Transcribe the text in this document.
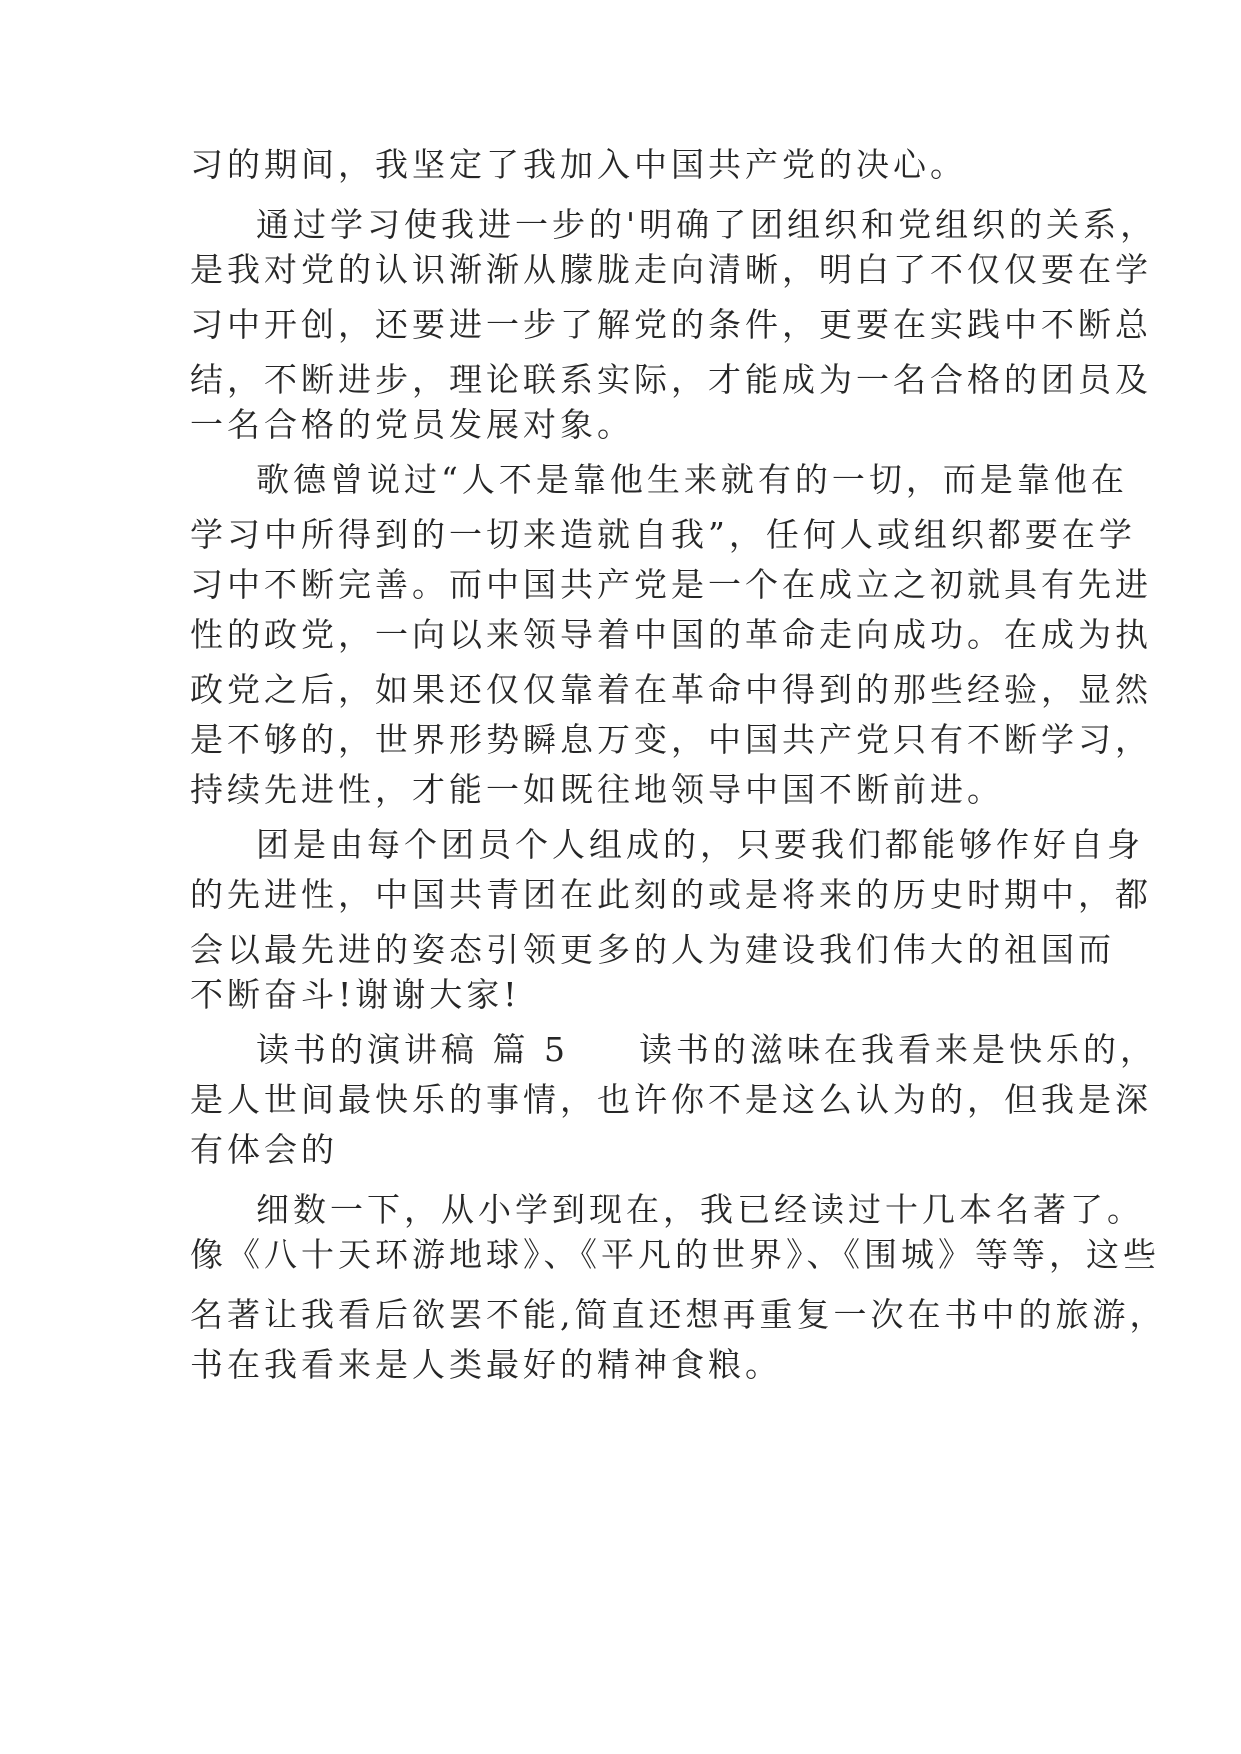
习的期间，我坚定了我加入中国共产党的决心。
通过学习使我进一步的'明确了团组织和党组织的关系，
是我对党的认识渐渐从朦胧走向清晰，明白了不仅仅要在学
习中开创，还要进一步了解党的条件，更要在实践中不断总
结，不断进步，理论联系实际，才能成为一名合格的团员及
一名合格的党员发展对象。
歌德曾说过“人不是靠他生来就有的一切，而是靠他在
学习中所得到的一切来造就自我”，任何人或组织都要在学
习中不断完善。而中国共产党是一个在成立之初就具有先进
性的政党，一向以来领导着中国的革命走向成功。在成为执
政党之后，如果还仅仅靠着在革命中得到的那些经验，显然
是不够的，世界形势瞬息万变，中国共产党只有不断学习，
持续先进性，才能一如既往地领导中国不断前进。
团是由每个团员个人组成的，只要我们都能够作好自身
的先进性，中国共青团在此刻的或是将来的历史时期中，都
会以最先进的姿态引领更多的人为建设我们伟大的祖国而
不断奋斗!谢谢大家!
读书的演讲稿 篇 5 读书的滋味在我看来是快乐的，
是人世间最快乐的事情，也许你不是这么认为的，但我是深
有体会的
细数一下，从小学到现在，我已经读过十几本名著了。
像《八十天环游地球》、《平凡的世界》、《围城》等等，这些
名著让我看后欲罢不能,简直还想再重复一次在书中的旅游，
书在我看来是人类最好的精神食粮。
